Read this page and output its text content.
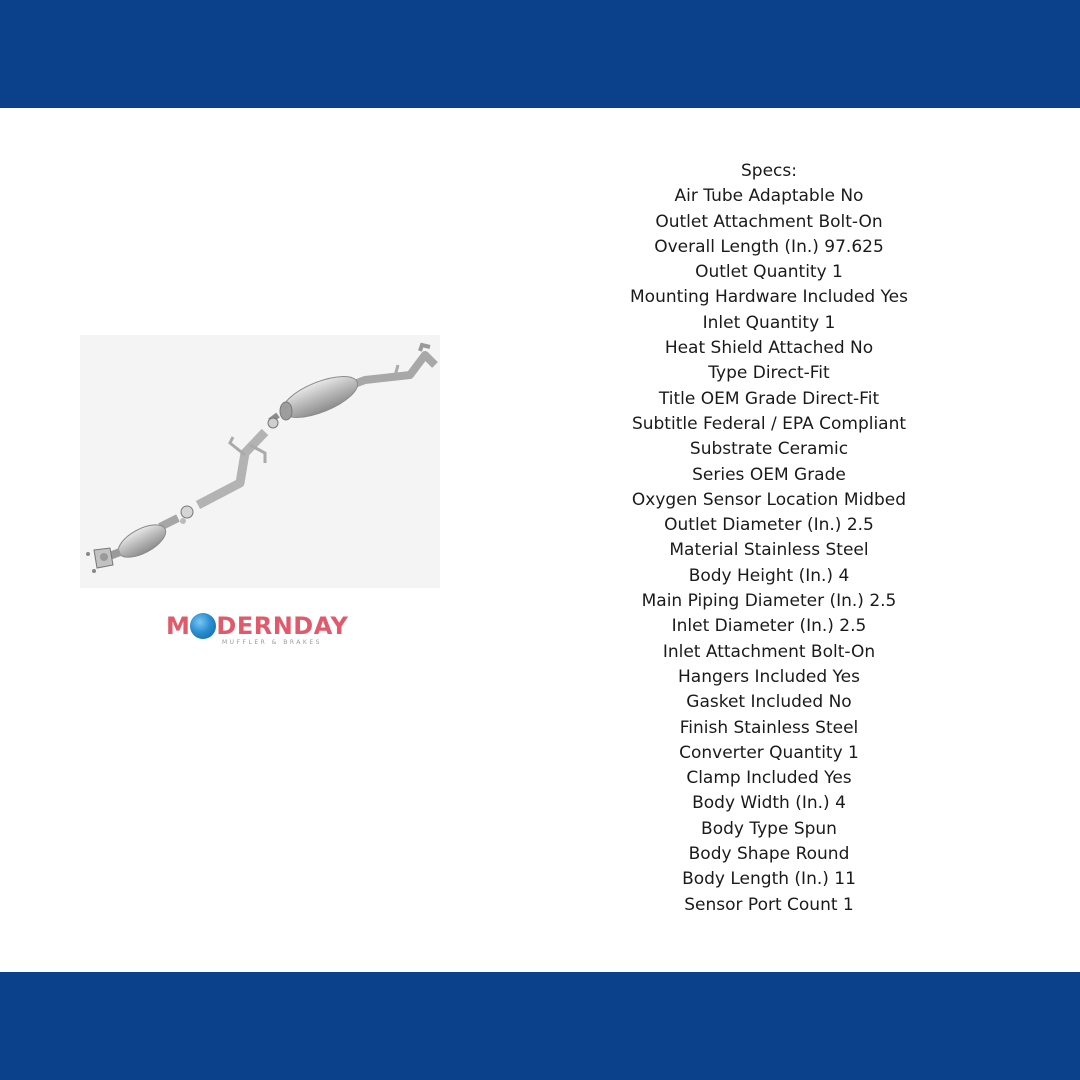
M DERNDAY
MUFFLER & BRAKES
Specs:
Air Tube Adaptable No
Outlet Attachment Bolt-On
Overall Length (In.) 97.625
Outlet Quantity 1
Mounting Hardware Included Yes
Inlet Quantity 1
Heat Shield Attached No
Type Direct-Fit
Title OEM Grade Direct-Fit
Subtitle Federal / EPA Compliant
Substrate Ceramic
Series OEM Grade
Oxygen Sensor Location Midbed
Outlet Diameter (In.) 2.5
Material Stainless Steel
Body Height (In.) 4
Main Piping Diameter (In.) 2.5
Inlet Diameter (In.) 2.5
Inlet Attachment Bolt-On
Hangers Included Yes
Gasket Included No
Finish Stainless Steel
Converter Quantity 1
Clamp Included Yes
Body Width (In.) 4
Body Type Spun
Body Shape Round
Body Length (In.) 11
Sensor Port Count 1
